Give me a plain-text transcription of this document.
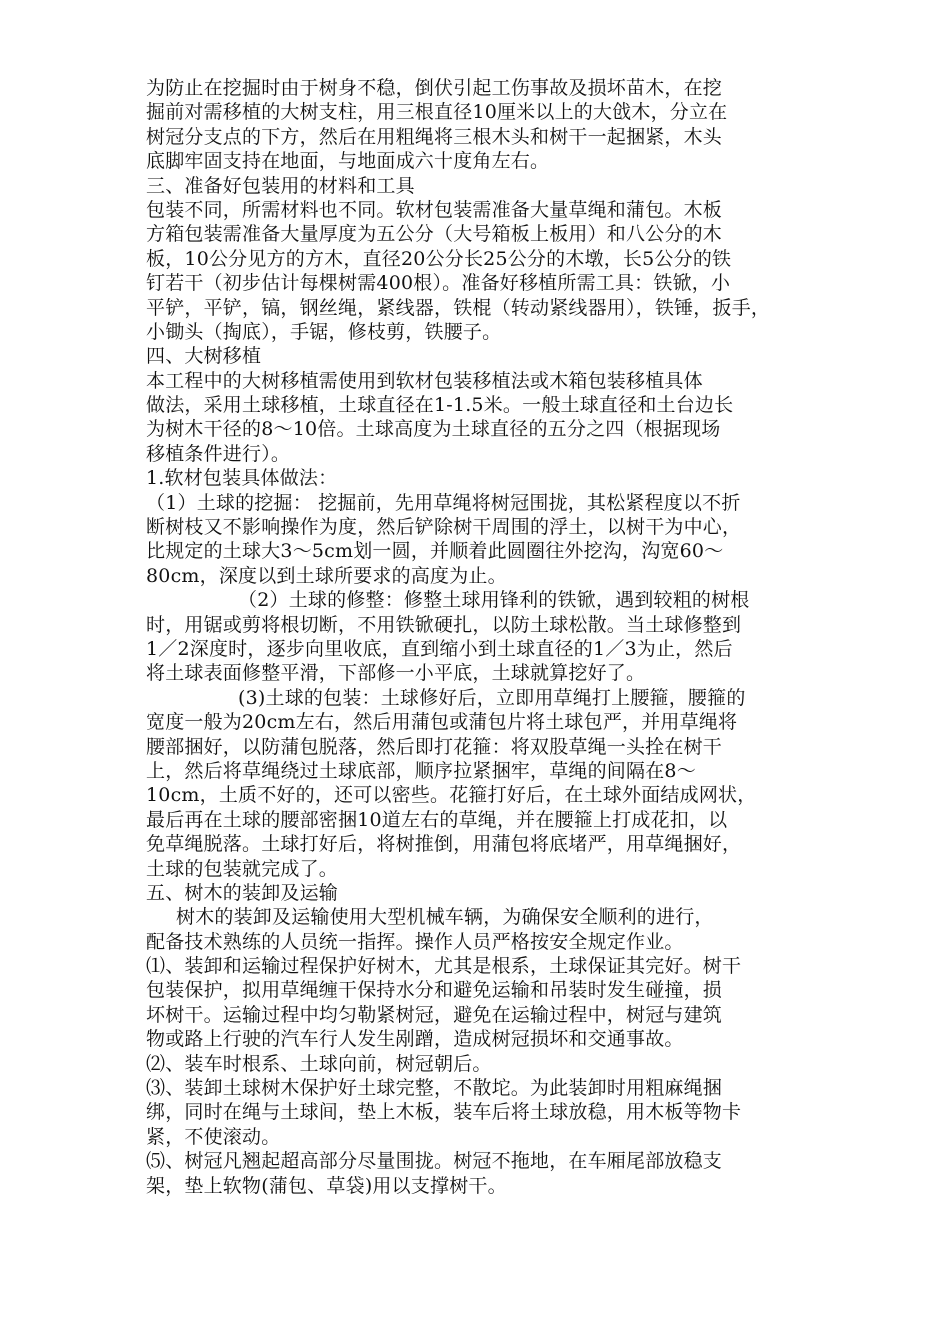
为防止在挖掘时由于树身不稳，倒伏引起工伤事故及损坏苗木，在挖
掘前对需移植的大树支柱，用三根直径10厘米以上的大戗木，分立在
树冠分支点的下方，然后在用粗绳将三根木头和树干一起捆紧，木头
底脚牢固支持在地面，与地面成六十度角左右。
三、准备好包装用的材料和工具
包装不同，所需材料也不同。软材包装需准备大量草绳和蒲包。木板
方箱包装需准备大量厚度为五公分（大号箱板上板用）和八公分的木
板，10公分见方的方木，直径20公分长25公分的木墩，长5公分的铁
钉若干（初步估计每棵树需400根）。准备好移植所需工具：铁锨，小
平铲，平铲，镐，钢丝绳，紧线器，铁棍（转动紧线器用），铁锤，扳手，
小锄头（掏底），手锯，修枝剪，铁腰子。
四、大树移植
本工程中的大树移植需使用到软材包装移植法或木箱包装移植具体
做法，采用土球移植，土球直径在1-1.5米。一般土球直径和土台边长
为树木干径的8～10倍。土球高度为土球直径的五分之四（根据现场
移植条件进行）。
1.软材包装具体做法：
（1）土球的挖掘： 挖掘前，先用草绳将树冠围拢，其松紧程度以不折
断树枝又不影响操作为度，然后铲除树干周围的浮土，以树干为中心，
比规定的土球大3～5cm划一圆，并顺着此圆圈往外挖沟，沟宽60～
80cm，深度以到土球所要求的高度为止。
（2）土球的修整：修整土球用锋利的铁锨，遇到较粗的树根
时，用锯或剪将根切断，不用铁锨硬扎，以防土球松散。当土球修整到
1／2深度时，逐步向里收底，直到缩小到土球直径的1／3为止，然后
将土球表面修整平滑，下部修一小平底，土球就算挖好了。
(3)土球的包装：土球修好后，立即用草绳打上腰箍，腰箍的
宽度一般为20cm左右，然后用蒲包或蒲包片将土球包严，并用草绳将
腰部捆好，以防蒲包脱落，然后即打花箍：将双股草绳一头拴在树干
上，然后将草绳绕过土球底部，顺序拉紧捆牢，草绳的间隔在8～
10cm，土质不好的，还可以密些。花箍打好后，在土球外面结成网状，
最后再在土球的腰部密捆10道左右的草绳，并在腰箍上打成花扣，以
免草绳脱落。土球打好后，将树推倒，用蒲包将底堵严，用草绳捆好，
土球的包装就完成了。
五、树木的装卸及运输
树木的装卸及运输使用大型机械车辆，为确保安全顺利的进行，
配备技术熟练的人员统一指挥。操作人员严格按安全规定作业。
⑴、装卸和运输过程保护好树木，尤其是根系，土球保证其完好。树干
包装保护，拟用草绳缠干保持水分和避免运输和吊装时发生碰撞，损
坏树干。运输过程中均匀勒紧树冠，避免在运输过程中，树冠与建筑
物或路上行驶的汽车行人发生剐蹭，造成树冠损坏和交通事故。
⑵、装车时根系、土球向前，树冠朝后。
⑶、装卸土球树木保护好土球完整，不散坨。为此装卸时用粗麻绳捆
绑，同时在绳与土球间，垫上木板，装车后将土球放稳，用木板等物卡
紧，不使滚动。
⑸、树冠凡翘起超高部分尽量围拢。树冠不拖地，在车厢尾部放稳支
架，垫上软物(蒲包、草袋)用以支撑树干。
